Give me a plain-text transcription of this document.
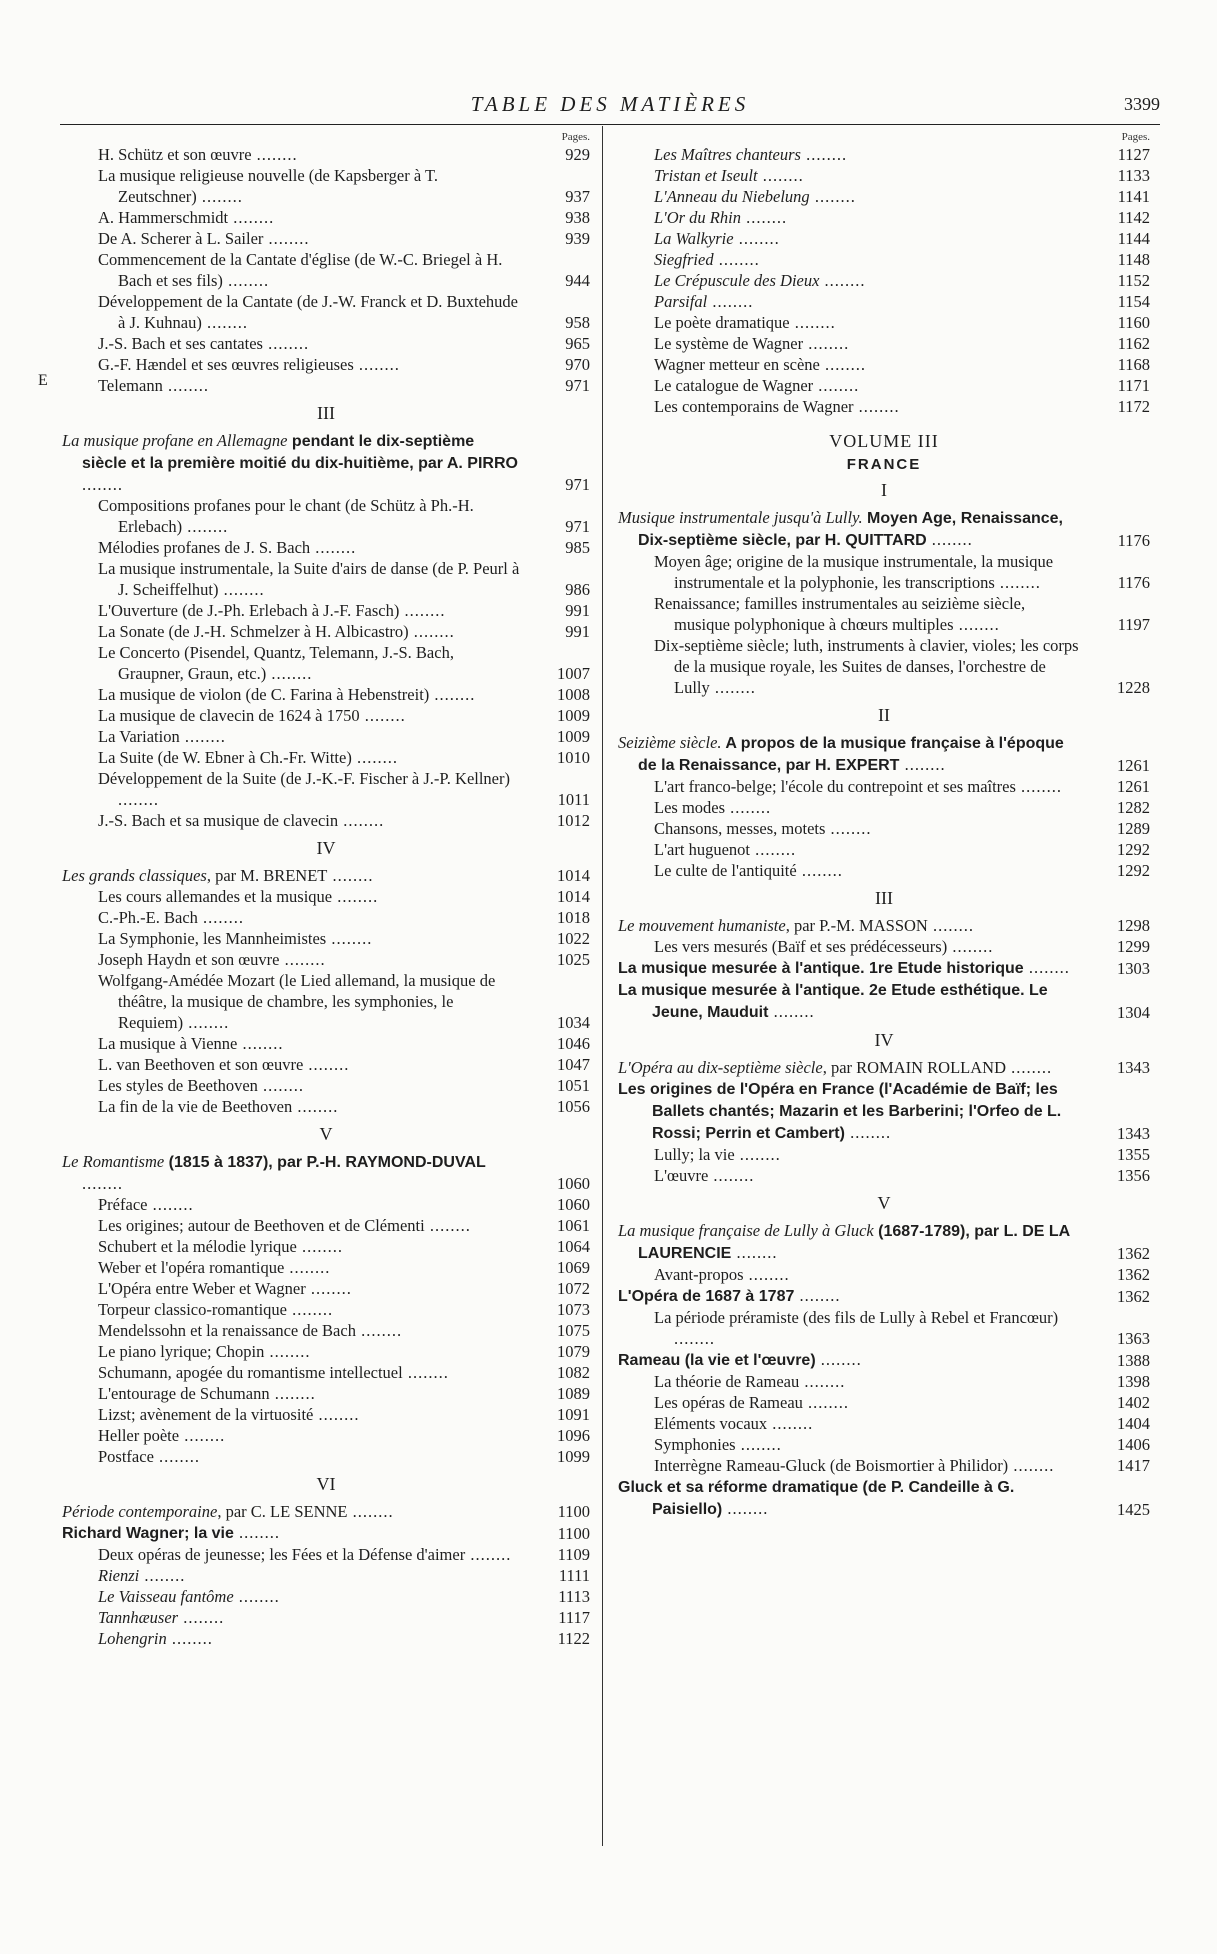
TABLE DES MATIÈRES	3399
E
Pages.
H. Schütz et son œuvre ........	929
La musique religieuse nouvelle (de Kapsberger à T. Zeutschner) ........	937
A. Hammerschmidt ........	938
De A. Scherer à L. Sailer ........	939
Commencement de la Cantate d'église (de W.-C. Briegel à H. Bach et ses fils) ........	944
Développement de la Cantate (de J.-W. Franck et D. Buxtehude à J. Kuhnau) ........	958
J.-S. Bach et ses cantates ........	965
G.-F. Hændel et ses œuvres religieuses ........	970
Telemann ........	971
III
La musique profane en Allemagne pendant le dix-septième siècle et la première moitié du dix-huitième, par A. PIRRO ........	971
Compositions profanes pour le chant (de Schütz à Ph.-H. Erlebach) ........	971
Mélodies profanes de J. S. Bach ........	985
La musique instrumentale, la Suite d'airs de danse (de P. Peurl à J. Scheiffelhut) ........	986
L'Ouverture (de J.-Ph. Erlebach à J.-F. Fasch) ........	991
La Sonate (de J.-H. Schmelzer à H. Albicastro) ........	991
Le Concerto (Pisendel, Quantz, Telemann, J.-S. Bach, Graupner, Graun, etc.) ........	1007
La musique de violon (de C. Farina à Hebenstreit) ........	1008
La musique de clavecin de 1624 à 1750 ........	1009
La Variation ........	1009
La Suite (de W. Ebner à Ch.-Fr. Witte) ........	1010
Développement de la Suite (de J.-K.-F. Fischer à J.-P. Kellner) ........	1011
J.-S. Bach et sa musique de clavecin ........	1012
IV
Les grands classiques, par M. BRENET ........	1014
Les cours allemandes et la musique ........	1014
C.-Ph.-E. Bach ........	1018
La Symphonie, les Mannheimistes ........	1022
Joseph Haydn et son œuvre ........	1025
Wolfgang-Amédée Mozart (le Lied allemand, la musique de théâtre, la musique de chambre, les symphonies, le Requiem) ........	1034
La musique à Vienne ........	1046
L. van Beethoven et son œuvre ........	1047
Les styles de Beethoven ........	1051
La fin de la vie de Beethoven ........	1056
V
Le Romantisme (1815 à 1837), par P.-H. RAYMOND-DUVAL ........	1060
Préface ........	1060
Les origines; autour de Beethoven et de Clémenti ........	1061
Schubert et la mélodie lyrique ........	1064
Weber et l'opéra romantique ........	1069
L'Opéra entre Weber et Wagner ........	1072
Torpeur classico-romantique ........	1073
Mendelssohn et la renaissance de Bach ........	1075
Le piano lyrique; Chopin ........	1079
Schumann, apogée du romantisme intellectuel ........	1082
L'entourage de Schumann ........	1089
Lizst; avènement de la virtuosité ........	1091
Heller poète ........	1096
Postface ........	1099
VI
Période contemporaine, par C. LE SENNE ........	1100
Richard Wagner; la vie ........	1100
Deux opéras de jeunesse; les Fées et la Défense d'aimer ........	1109
Rienzi ........	1111
Le Vaisseau fantôme ........	1113
Tannhæuser ........	1117
Lohengrin ........	1122
Pages.
Les Maîtres chanteurs ........	1127
Tristan et Iseult ........	1133
L'Anneau du Niebelung ........	1141
L'Or du Rhin ........	1142
La Walkyrie ........	1144
Siegfried ........	1148
Le Crépuscule des Dieux ........	1152
Parsifal ........	1154
Le poète dramatique ........	1160
Le système de Wagner ........	1162
Wagner metteur en scène ........	1168
Le catalogue de Wagner ........	1171
Les contemporains de Wagner ........	1172
VOLUME III
FRANCE
I
Musique instrumentale jusqu'à Lully. Moyen Age, Renaissance, Dix-septième siècle, par H. QUITTARD ........	1176
Moyen âge; origine de la musique instrumentale, la musique instrumentale et la polyphonie, les transcriptions ........	1176
Renaissance; familles instrumentales au seizième siècle, musique polyphonique à chœurs multiples ........	1197
Dix-septième siècle; luth, instruments à clavier, violes; les corps de la musique royale, les Suites de danses, l'orchestre de Lully ........	1228
II
Seizième siècle. A propos de la musique française à l'époque de la Renaissance, par H. EXPERT ........	1261
L'art franco-belge; l'école du contrepoint et ses maîtres ........	1261
Les modes ........	1282
Chansons, messes, motets ........	1289
L'art huguenot ........	1292
Le culte de l'antiquité ........	1292
III
Le mouvement humaniste, par P.-M. MASSON ........	1298
Les vers mesurés (Baïf et ses prédécesseurs) ........	1299
La musique mesurée à l'antique. 1re Etude historique ........	1303
La musique mesurée à l'antique. 2e Etude esthétique. Le Jeune, Mauduit ........	1304
IV
L'Opéra au dix-septième siècle, par ROMAIN ROLLAND ........	1343
Les origines de l'Opéra en France (l'Académie de Baïf; les Ballets chantés; Mazarin et les Barberini; l'Orfeo de L. Rossi; Perrin et Cambert) ........	1343
Lully; la vie ........	1355
L'œuvre ........	1356
V
La musique française de Lully à Gluck (1687-1789), par L. DE LA LAURENCIE ........	1362
Avant-propos ........	1362
L'Opéra de 1687 à 1787 ........	1362
La période préramiste (des fils de Lully à Rebel et Francœur) ........	1363
Rameau (la vie et l'œuvre) ........	1388
La théorie de Rameau ........	1398
Les opéras de Rameau ........	1402
Eléments vocaux ........	1404
Symphonies ........	1406
Interrègne Rameau-Gluck (de Boismortier à Philidor) ........	1417
Gluck et sa réforme dramatique (de P. Candeille à G. Paisiello) ........	1425
